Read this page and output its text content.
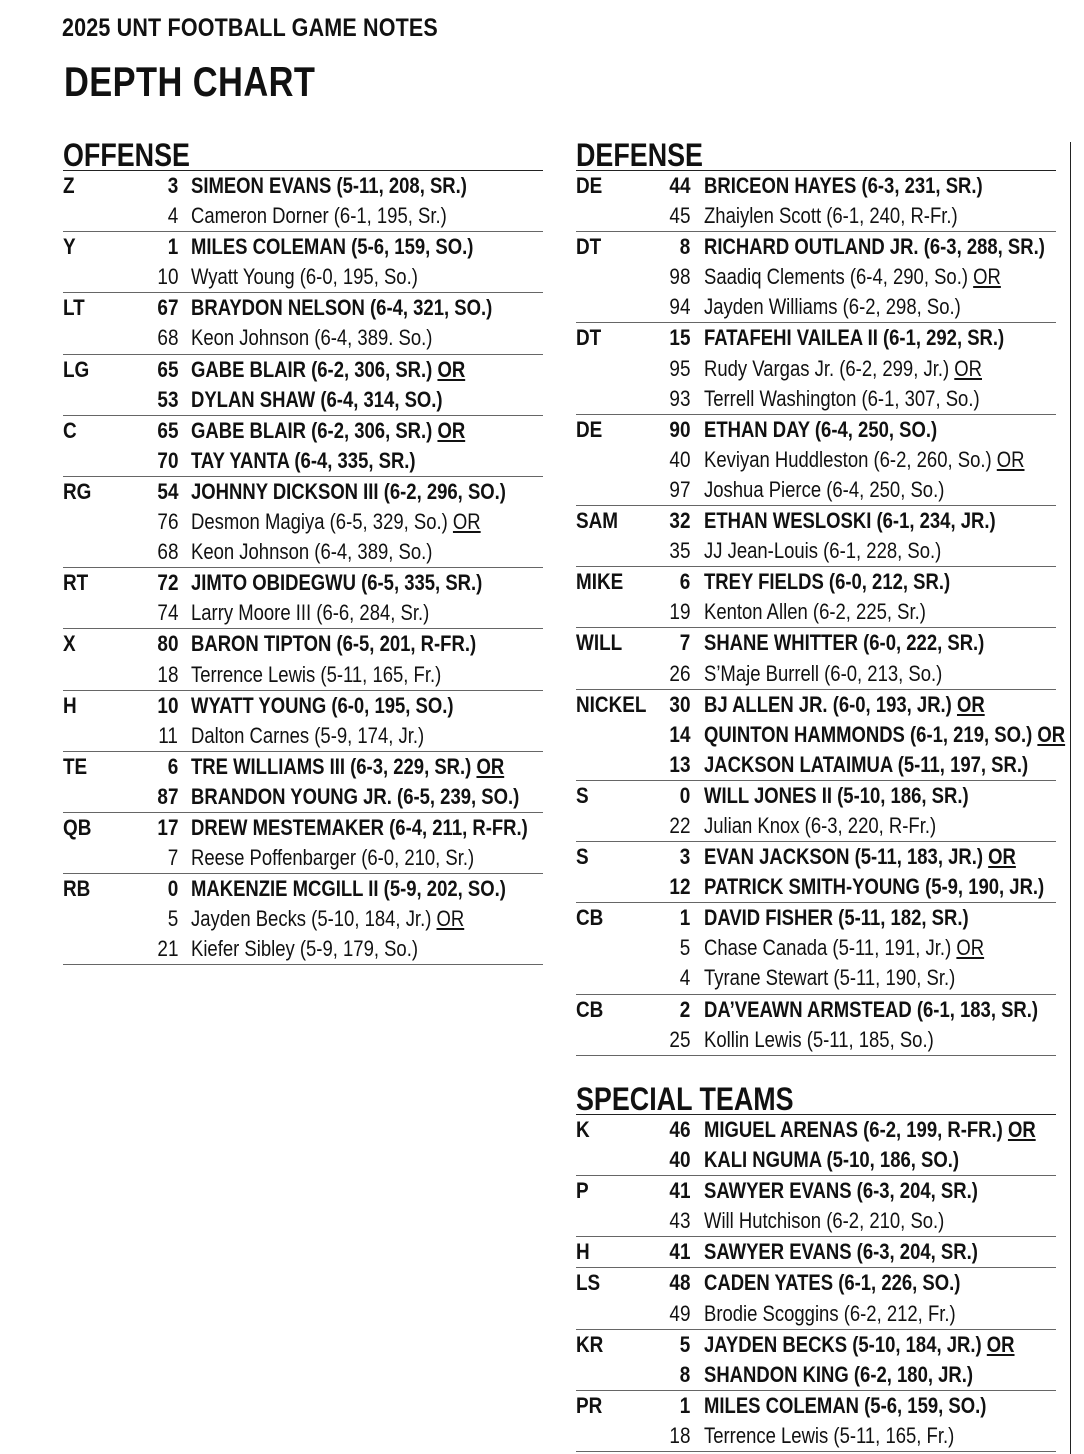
2025 UNT FOOTBALL GAME NOTES
DEPTH CHART
OFFENSE
Z	3 SIMEON EVANS (5-11, 208, SR.)
4 Cameron Dorner (6-1, 195, Sr.)
Y	1 MILES COLEMAN (5-6, 159, SO.)
10 Wyatt Young (6-0, 195, So.)
LT	67 BRAYDON NELSON (6-4, 321, SO.)
68 Keon Johnson (6-4, 389. So.)
LG	65 GABE BLAIR (6-2, 306, SR.) OR
53 DYLAN SHAW (6-4, 314, SO.)
C	65 GABE BLAIR (6-2, 306, SR.) OR
70 TAY YANTA (6-4, 335, SR.)
RG	54 JOHNNY DICKSON III (6-2, 296, SO.)
76 Desmon Magiya (6-5, 329, So.) OR
68 Keon Johnson (6-4, 389, So.)
RT	72 JIMTO OBIDEGWU (6-5, 335, SR.)
74 Larry Moore III (6-6, 284, Sr.)
X	80 BARON TIPTON (6-5, 201, R-FR.)
18 Terrence Lewis (5-11, 165, Fr.)
H	10 WYATT YOUNG (6-0, 195, SO.)
11 Dalton Carnes (5-9, 174, Jr.)
TE	6 TRE WILLIAMS III (6-3, 229, SR.) OR
87 BRANDON YOUNG JR. (6-5, 239, SO.)
QB	17 DREW MESTEMAKER (6-4, 211, R-FR.)
7 Reese Poffenbarger (6-0, 210, Sr.)
RB	0 MAKENZIE MCGILL II (5-9, 202, SO.)
5 Jayden Becks (5-10, 184, Jr.) OR
21 Kiefer Sibley (5-9, 179, So.)
DEFENSE
DE	44 BRICEON HAYES (6-3, 231, SR.)
45 Zhaiylen Scott (6-1, 240, R-Fr.)
DT	8 RICHARD OUTLAND JR. (6-3, 288, SR.)
98 Saadiq Clements (6-4, 290, So.) OR
94 Jayden Williams (6-2, 298, So.)
DT	15 FATAFEHI VAILEA II (6-1, 292, SR.)
95 Rudy Vargas Jr. (6-2, 299, Jr.) OR
93 Terrell Washington (6-1, 307, So.)
DE	90 ETHAN DAY (6-4, 250, SO.)
40 Keviyan Huddleston (6-2, 260, So.) OR
97 Joshua Pierce (6-4, 250, So.)
SAM	32 ETHAN WESLOSKI (6-1, 234, JR.)
35 JJ Jean-Louis (6-1, 228, So.)
MIKE	6 TREY FIELDS (6-0, 212, SR.)
19 Kenton Allen (6-2, 225, Sr.)
WILL	7 SHANE WHITTER (6-0, 222, SR.)
26 S’Maje Burrell (6-0, 213, So.)
NICKEL	30 BJ ALLEN JR. (6-0, 193, JR.) OR
14 QUINTON HAMMONDS (6-1, 219, SO.) OR
13 JACKSON LATAIMUA (5-11, 197, SR.)
S	0 WILL JONES II (5-10, 186, SR.)
22 Julian Knox (6-3, 220, R-Fr.)
S	3 EVAN JACKSON (5-11, 183, JR.) OR
12 PATRICK SMITH-YOUNG (5-9, 190, JR.)
CB	1 DAVID FISHER (5-11, 182, SR.)
5 Chase Canada (5-11, 191, Jr.) OR
4 Tyrane Stewart (5-11, 190, Sr.)
CB	2 DA’VEAWN ARMSTEAD (6-1, 183, SR.)
25 Kollin Lewis (5-11, 185, So.)
SPECIAL TEAMS
K	46 MIGUEL ARENAS (6-2, 199, R-FR.) OR
40 KALI NGUMA (5-10, 186, SO.)
P	41 SAWYER EVANS (6-3, 204, SR.)
43 Will Hutchison (6-2, 210, So.)
H	41 SAWYER EVANS (6-3, 204, SR.)
LS	48 CADEN YATES (6-1, 226, SO.)
49 Brodie Scoggins (6-2, 212, Fr.)
KR	5 JAYDEN BECKS (5-10, 184, JR.) OR
8 SHANDON KING (6-2, 180, JR.)
PR	1 MILES COLEMAN (5-6, 159, SO.)
18 Terrence Lewis (5-11, 165, Fr.)
